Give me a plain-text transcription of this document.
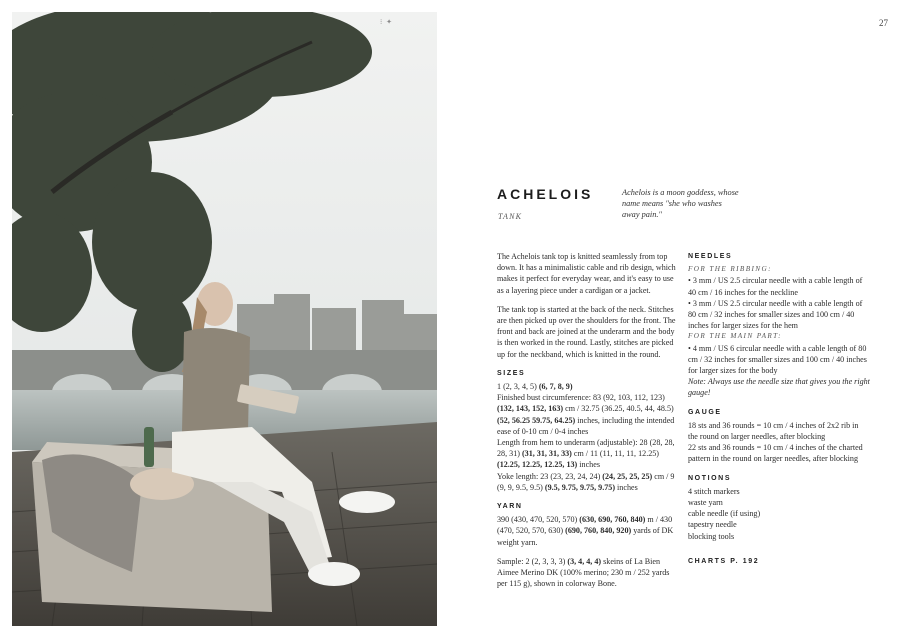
⁝ ✦	27
ACHELOIS
TANK
Achelois is a moon goddess, whose name means "she who washes away pain."

The Achelois tank top is knitted seamlessly from top down. It has a minimalistic cable and rib design, which makes it perfect for everyday wear, and it's easy to use as a layering piece under a cardigan or a jacket.

The tank top is started at the back of the neck. Stitches are then picked up over the shoulders for the front. The front and back are joined at the underarm and the body is then worked in the round. Lastly, stitches are picked up for the neckband, which is knitted in the round.

SIZES

1 (2, 3, 4, 5) (6, 7, 8, 9)

Finished bust circumference: 83 (92, 103, 112, 123) (132, 143, 152, 163) cm / 32.75 (36.25, 40.5, 44, 48.5) (52, 56.25 59.75, 64.25) inches, including the intended ease of 0-10 cm / 0-4 inches

Length from hem to underarm (adjustable): 28 (28, 28, 28, 31) (31, 31, 31, 33) cm / 11 (11, 11, 11, 12.25) (12.25, 12.25, 12.25, 13) inches

Yoke length: 23 (23, 23, 24, 24) (24, 25, 25, 25) cm / 9 (9, 9, 9.5, 9.5) (9.5, 9.75, 9.75, 9.75) inches

YARN

390 (430, 470, 520, 570) (630, 690, 760, 840) m / 430 (470, 520, 570, 630) (690, 760, 840, 920) yards of DK weight yarn.

Sample: 2 (2, 3, 3, 3) (3, 4, 4, 4) skeins of La Bien Aimee Merino DK (100% merino; 230 m / 252 yards per 115 g), shown in colorway Bone.

NEEDLES
FOR THE RIBBING:

• 3 mm / US 2.5 circular needle with a cable length of 40 cm / 16 inches for the neckline

• 3 mm / US 2.5 circular needle with a cable length of 80 cm / 32 inches for smaller sizes and 100 cm / 40 inches for larger sizes for the hem

FOR THE MAIN PART:

• 4 mm / US 6 circular needle with a cable length of 80 cm / 32 inches for smaller sizes and 100 cm / 40 inches for larger sizes for the body

Note: Always use the needle size that gives you the right gauge!

GAUGE

18 sts and 36 rounds = 10 cm / 4 inches of 2x2 rib in the round on larger needles, after blocking

22 sts and 36 rounds = 10 cm / 4 inches of the charted pattern in the round on larger needles, after blocking

NOTIONS
4 stitch markers
waste yarn
cable needle (if using)
tapestry needle
blocking tools
CHARTS P. 192
